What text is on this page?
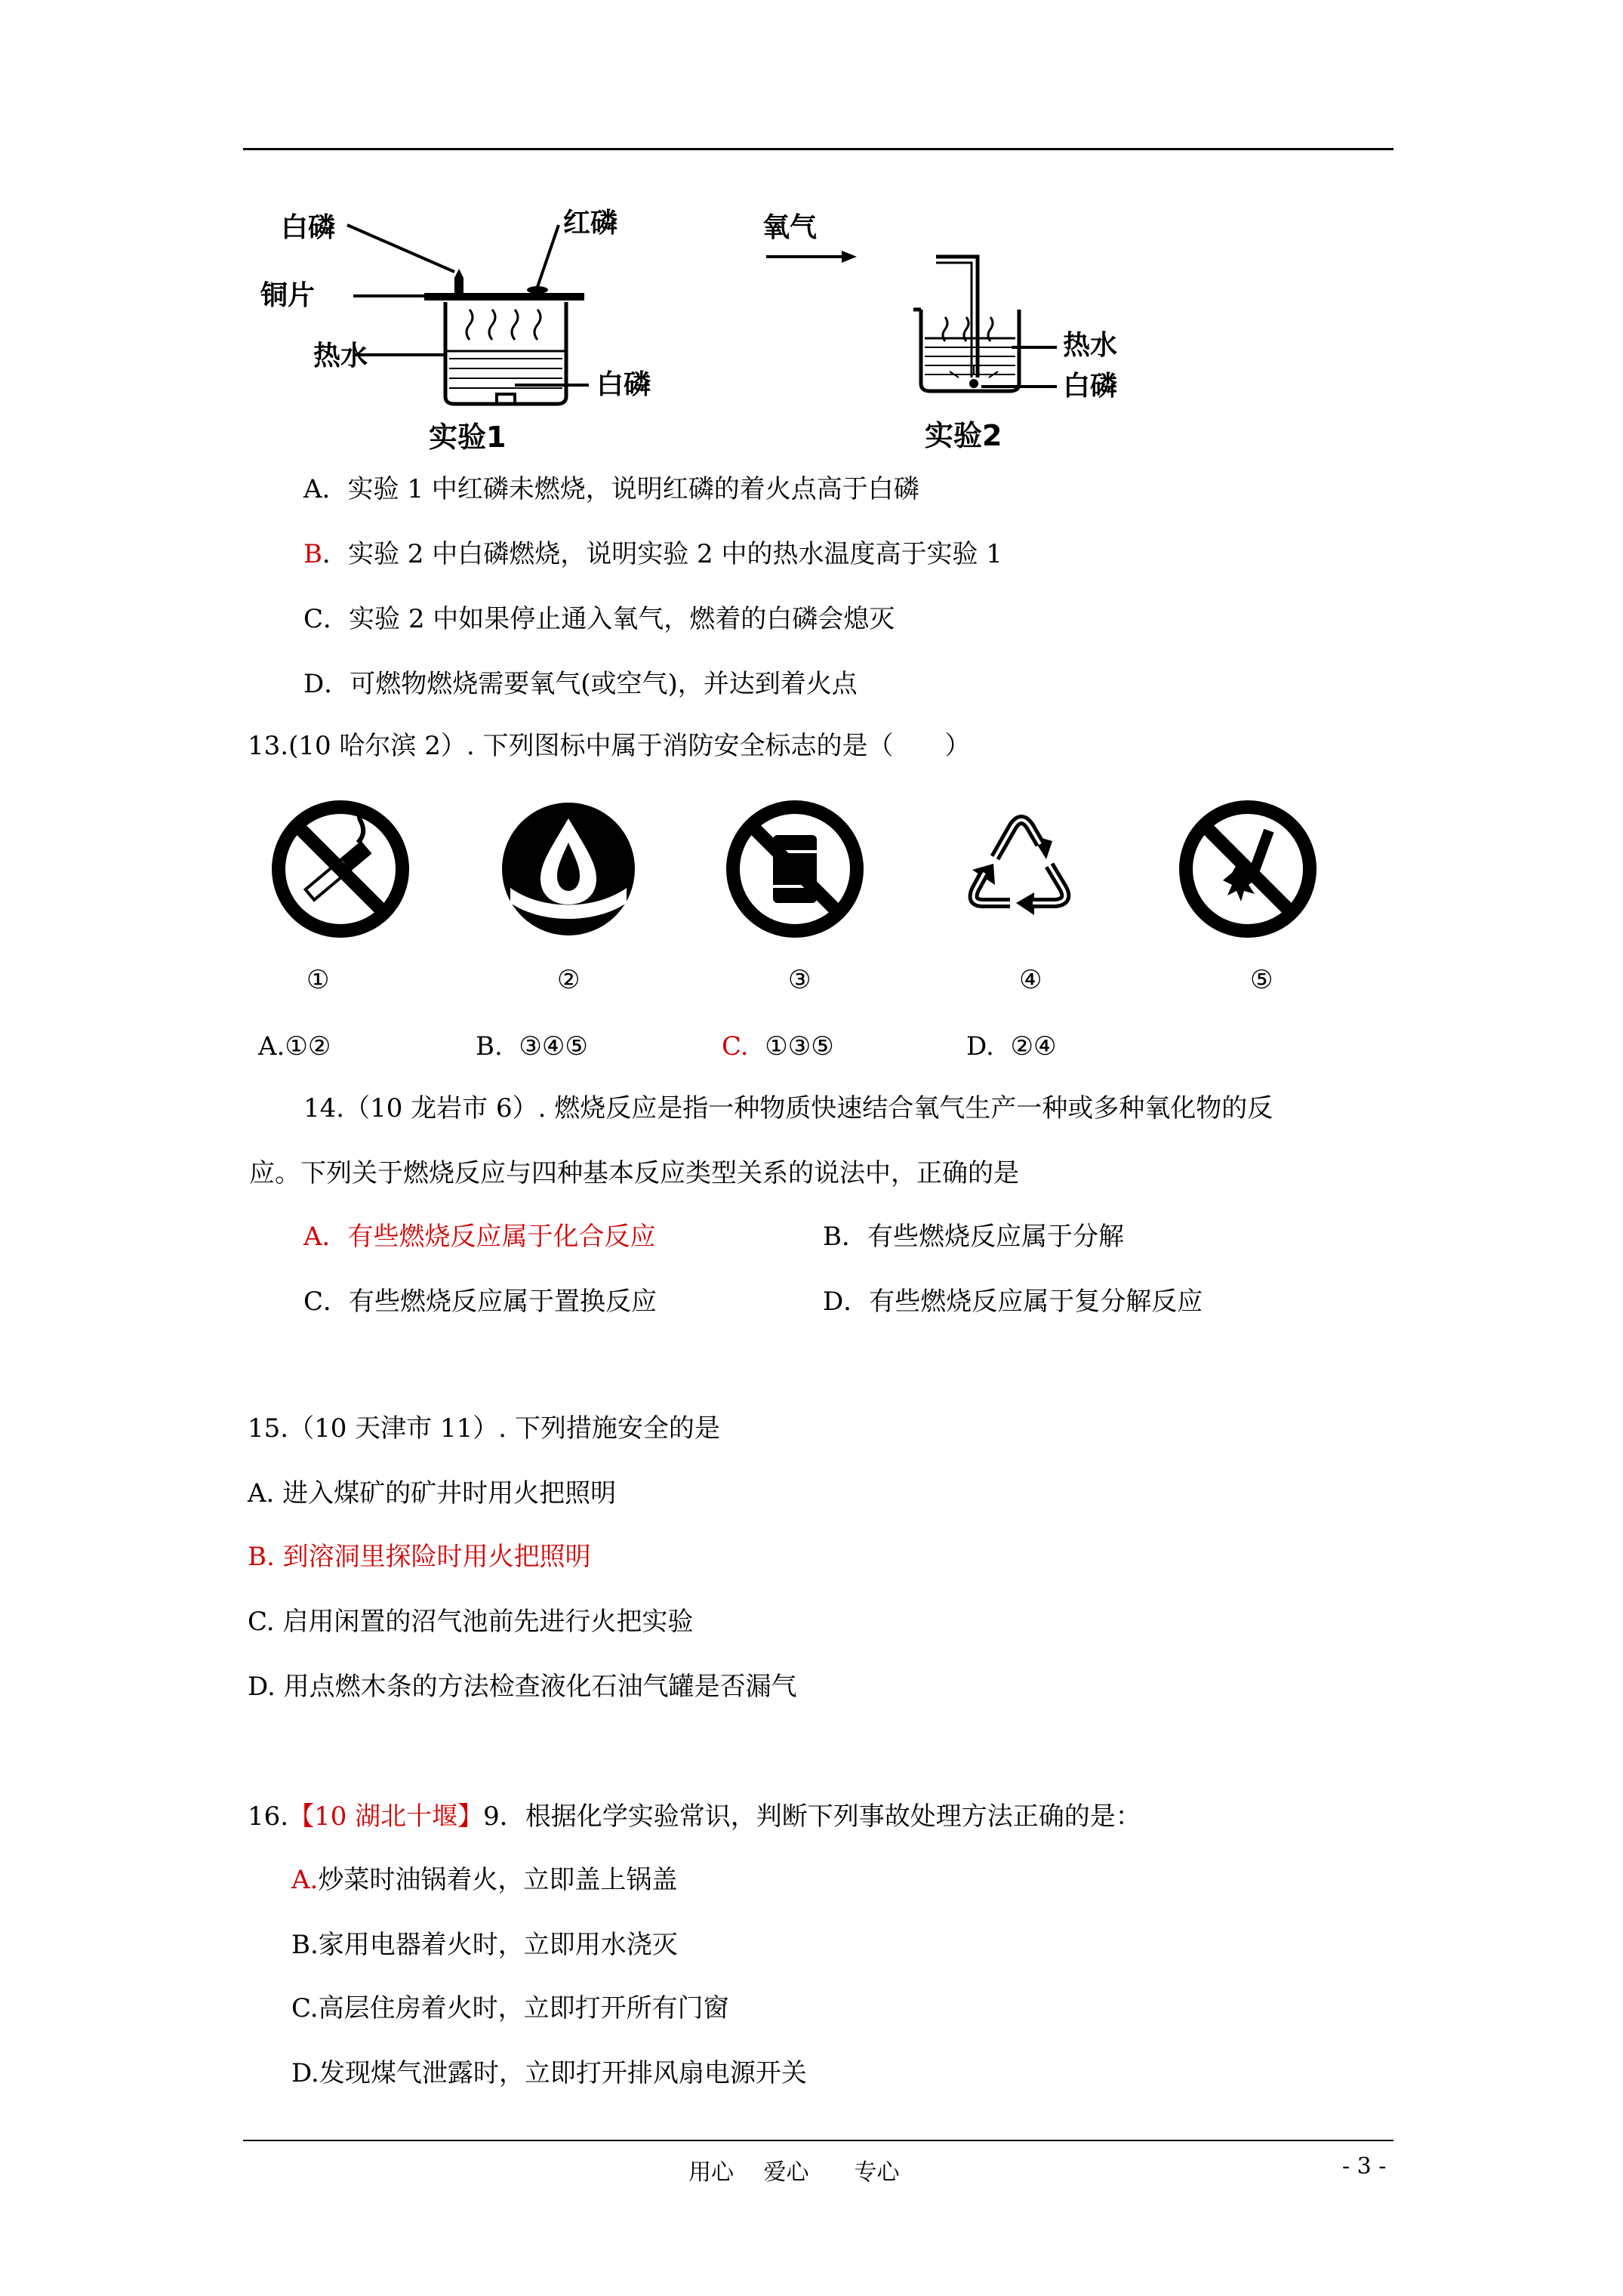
白磷	红磷
铜片
热水
白磷
实验1
氧气
热水
白磷
实验2
A．实验 1 中红磷未燃烧，说明红磷的着火点高于白磷
B．实验 2 中白磷燃烧，说明实验 2 中的热水温度高于实验 1
C．实验 2 中如果停止通入氧气，燃着的白磷会熄灭
D．可燃物燃烧需要氧气(或空气)，并达到着火点
13.(10 哈尔滨 2）. 下列图标中属于消防安全标志的是（　　）
①	②	③	④	⑤
A.①②	B.  ③④⑤	C.  ①③⑤	D.  ②④
14.（10 龙岩市 6）. 燃烧反应是指一种物质快速结合氧气生产一种或多种氧化物的反
应。下列关于燃烧反应与四种基本反应类型关系的说法中，正确的是
A．有些燃烧反应属于化合反应	B．有些燃烧反应属于分解
C．有些燃烧反应属于置换反应	D．有些燃烧反应属于复分解反应
15.（10 天津市 11）. 下列措施安全的是
A. 进入煤矿的矿井时用火把照明
B. 到溶洞里探险时用火把照明
C. 启用闲置的沼气池前先进行火把实验
D. 用点燃木条的方法检查液化石油气罐是否漏气
16.【10 湖北十堰】9．根据化学实验常识，判断下列事故处理方法正确的是：
A.炒菜时油锅着火，立即盖上锅盖
B.家用电器着火时，立即用水浇灭
C.高层住房着火时，立即打开所有门窗
D.发现煤气泄露时，立即打开排风扇电源开关
用心　 爱心　　专心	- 3 -
